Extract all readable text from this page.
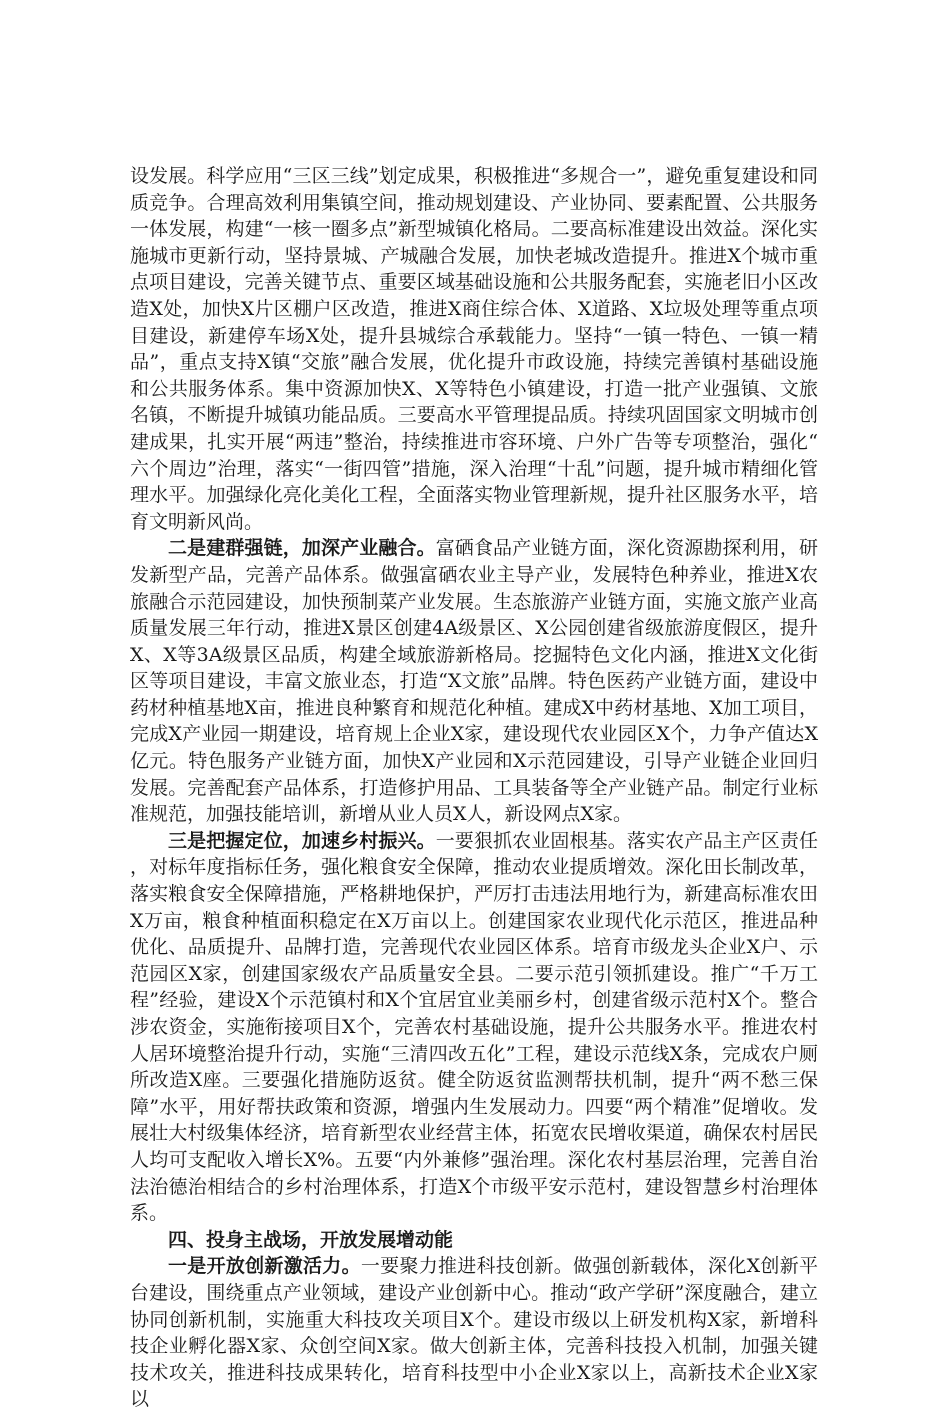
设发展。科学应用“三区三线”划定成果，积极推进“多规合一”，避免重复建设和同质竞争。合理高效利用集镇空间，推动规划建设、产业协同、要素配置、公共服务一体发展，构建“一核一圈多点”新型城镇化格局。二要高标准建设出效益。深化实施城市更新行动，坚持景城、产城融合发展，加快老城改造提升。推进X个城市重点项目建设，完善关键节点、重要区域基础设施和公共服务配套，实施老旧小区改造X处，加快X片区棚户区改造，推进X商住综合体、X道路、X垃圾处理等重点项目建设，新建停车场X处，提升县城综合承载能力。坚持“一镇一特色、一镇一精品”，重点支持X镇“交旅”融合发展，优化提升市政设施，持续完善镇村基础设施和公共服务体系。集中资源加快X、X等特色小镇建设，打造一批产业强镇、文旅名镇，不断提升城镇功能品质。三要高水平管理提品质。持续巩固国家文明城市创建成果，扎实开展“两违”整治，持续推进市容环境、户外广告等专项整治，强化“六个周边”治理，落实“一街四管”措施，深入治理“十乱”问题，提升城市精细化管理水平。加强绿化亮化美化工程，全面落实物业管理新规，提升社区服务水平，培育文明新风尚。

二是建群强链，加深产业融合。富硒食品产业链方面，深化资源勘探利用，研发新型产品，完善产品体系。做强富硒农业主导产业，发展特色种养业，推进X农旅融合示范园建设，加快预制菜产业发展。生态旅游产业链方面，实施文旅产业高质量发展三年行动，推进X景区创建4A级景区、X公园创建省级旅游度假区，提升X、X等3A级景区品质，构建全域旅游新格局。挖掘特色文化内涵，推进X文化街区等项目建设，丰富文旅业态，打造“X文旅”品牌。特色医药产业链方面，建设中药材种植基地X亩，推进良种繁育和规范化种植。建成X中药材基地、X加工项目，完成X产业园一期建设，培育规上企业X家，建设现代农业园区X个，力争产值达X亿元。特色服务产业链方面，加快X产业园和X示范园建设，引导产业链企业回归发展。完善配套产品体系，打造修护用品、工具装备等全产业链产品。制定行业标准规范，加强技能培训，新增从业人员X人，新设网点X家。

三是把握定位，加速乡村振兴。一要狠抓农业固根基。落实农产品主产区责任，对标年度指标任务，强化粮食安全保障，推动农业提质增效。深化田长制改革，落实粮食安全保障措施，严格耕地保护，严厉打击违法用地行为，新建高标准农田X万亩，粮食种植面积稳定在X万亩以上。创建国家农业现代化示范区，推进品种优化、品质提升、品牌打造，完善现代农业园区体系。培育市级龙头企业X户、示范园区X家，创建国家级农产品质量安全县。二要示范引领抓建设。推广“千万工程”经验，建设X个示范镇村和X个宜居宜业美丽乡村，创建省级示范村X个。整合涉农资金，实施衔接项目X个，完善农村基础设施，提升公共服务水平。推进农村人居环境整治提升行动，实施“三清四改五化”工程，建设示范线X条，完成农户厕所改造X座。三要强化措施防返贫。健全防返贫监测帮扶机制，提升“两不愁三保障”水平，用好帮扶政策和资源，增强内生发展动力。四要“两个精准”促增收。发展壮大村级集体经济，培育新型农业经营主体，拓宽农民增收渠道，确保农村居民人均可支配收入增长X%。五要“内外兼修”强治理。深化农村基层治理，完善自治法治德治相结合的乡村治理体系，打造X个市级平安示范村，建设智慧乡村治理体系。

四、投身主战场，开放发展增动能

一是开放创新激活力。一要聚力推进科技创新。做强创新载体，深化X创新平台建设，围绕重点产业领域，建设产业创新中心。推动“政产学研”深度融合，建立协同创新机制，实施重大科技攻关项目X个。建设市级以上研发机构X家，新增科技企业孵化器X家、众创空间X家。做大创新主体，完善科技投入机制，加强关键技术攻关，推进科技成果转化，培育科技型中小企业X家以上，高新技术企业X家以
